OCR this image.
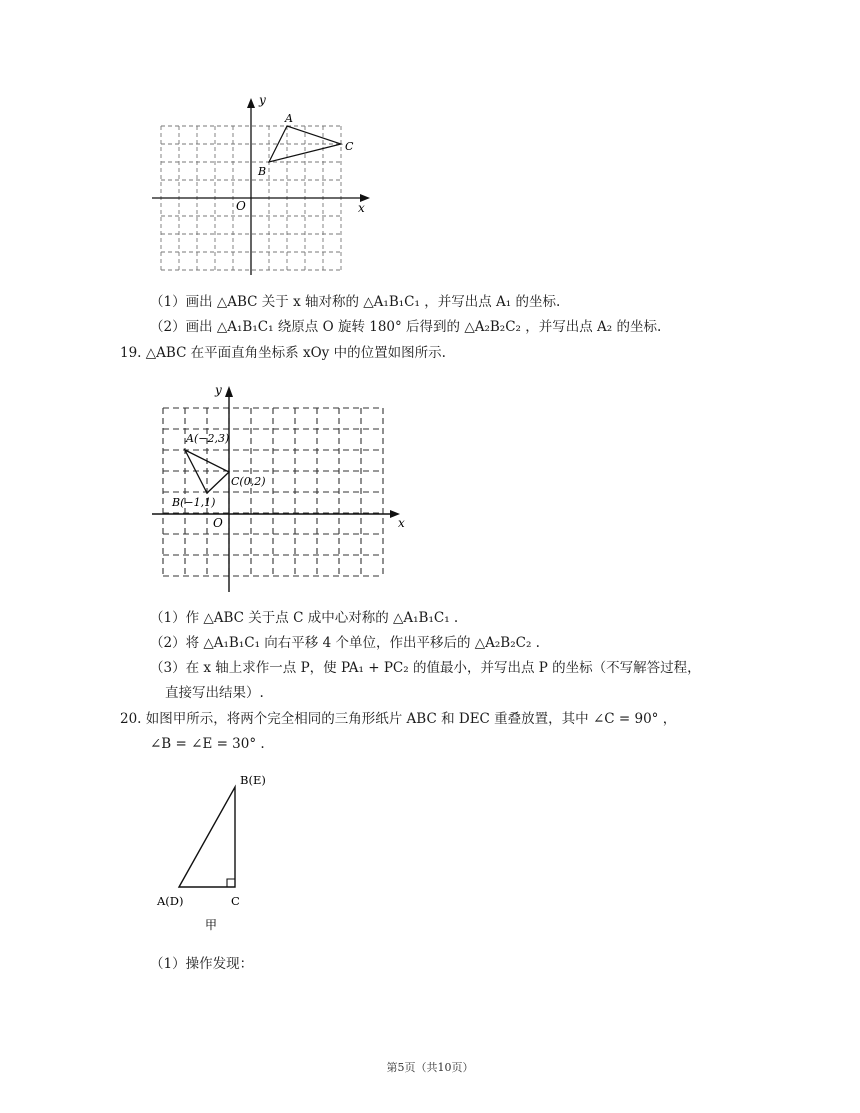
y
x
O
A
B
C
（1）画出 △ABC 关于 x 轴对称的 △A₁B₁C₁ ，并写出点 A₁ 的坐标.
（2）画出 △A₁B₁C₁ 绕原点 O 旋转 180° 后得到的 △A₂B₂C₂ ，并写出点 A₂ 的坐标.
19. △ABC 在平面直角坐标系 xOy 中的位置如图所示.
y
x
O
A(−2,3)
C(0,2)
B(−1,1)
（1）作 △ABC 关于点 C 成中心对称的 △A₁B₁C₁ .
（2）将 △A₁B₁C₁ 向右平移 4 个单位，作出平移后的 △A₂B₂C₂ .
（3）在 x 轴上求作一点 P，使 PA₁ + PC₂ 的值最小，并写出点 P 的坐标（不写解答过程，
直接写出结果）.
20. 如图甲所示，将两个完全相同的三角形纸片 ABC 和 DEC 重叠放置，其中 ∠C = 90° ，
∠B = ∠E = 30° .
B(E)
A(D)	C
甲
（1）操作发现：
第5页（共10页）
